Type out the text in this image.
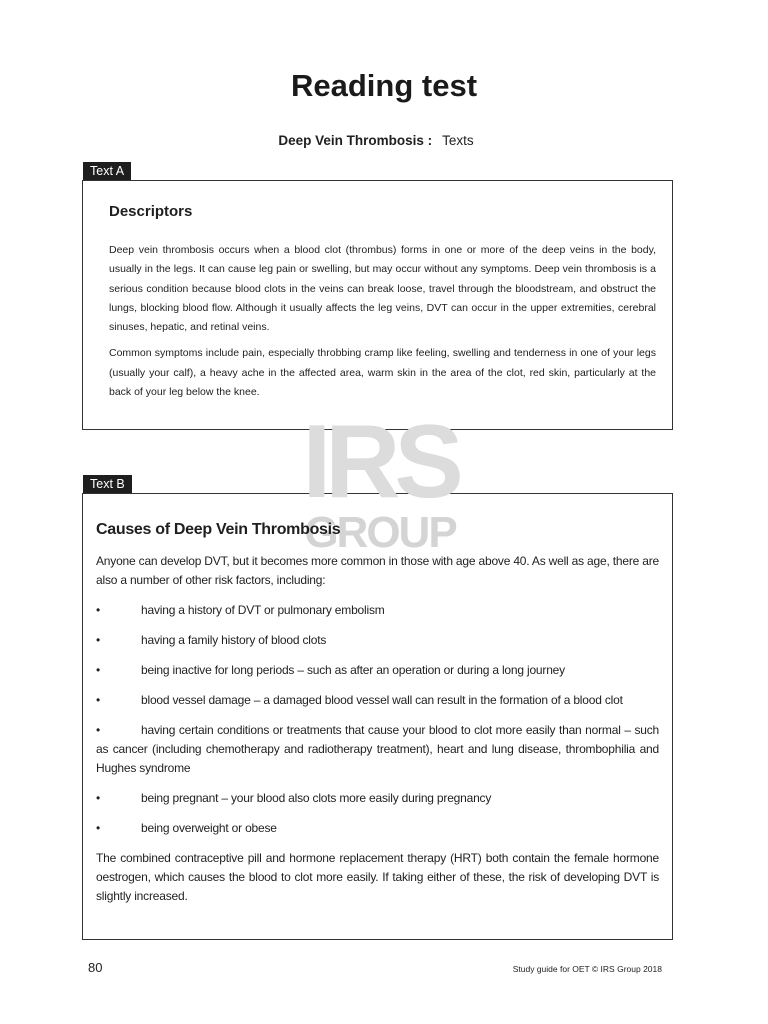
Reading test
Deep Vein Thrombosis : Texts
Text A
Descriptors

Deep vein thrombosis occurs when a blood clot (thrombus) forms in one or more of the deep veins in the body, usually in the legs. It can cause leg pain or swelling, but may occur without any symptoms. Deep vein thrombosis is a serious condition because blood clots in the veins can break loose, travel through the bloodstream, and obstruct the lungs, blocking blood flow. Although it usually affects the leg veins, DVT can occur in the upper extremities, cerebral sinuses, hepatic, and retinal veins.

Common symptoms include pain, especially throbbing cramp like feeling, swelling and tenderness in one of your legs (usually your calf), a heavy ache in the affected area, warm skin in the area of the clot, red skin, particularly at the back of your leg below the knee.

IRS
GROUP
Text B
Causes of Deep Vein Thrombosis

Anyone can develop DVT, but it becomes more common in those with age above 40. As well as age, there are also a number of other risk factors, including:

•	having a history of DVT or pulmonary embolism

•	having a family history of blood clots

•	being inactive for long periods – such as after an operation or during a long journey

•	blood vessel damage – a damaged blood vessel wall can result in the formation of a blood clot

•	having certain conditions or treatments that cause your blood to clot more easily than normal – such as cancer (including chemotherapy and radiotherapy treatment), heart and lung disease, thrombophilia and Hughes syndrome

•	being pregnant – your blood also clots more easily during pregnancy

•	being overweight or obese

The combined contraceptive pill and hormone replacement therapy (HRT) both contain the female hormone oestrogen, which causes the blood to clot more easily. If taking either of these, the risk of developing DVT is slightly increased.

80	Study guide for OET © IRS Group 2018
